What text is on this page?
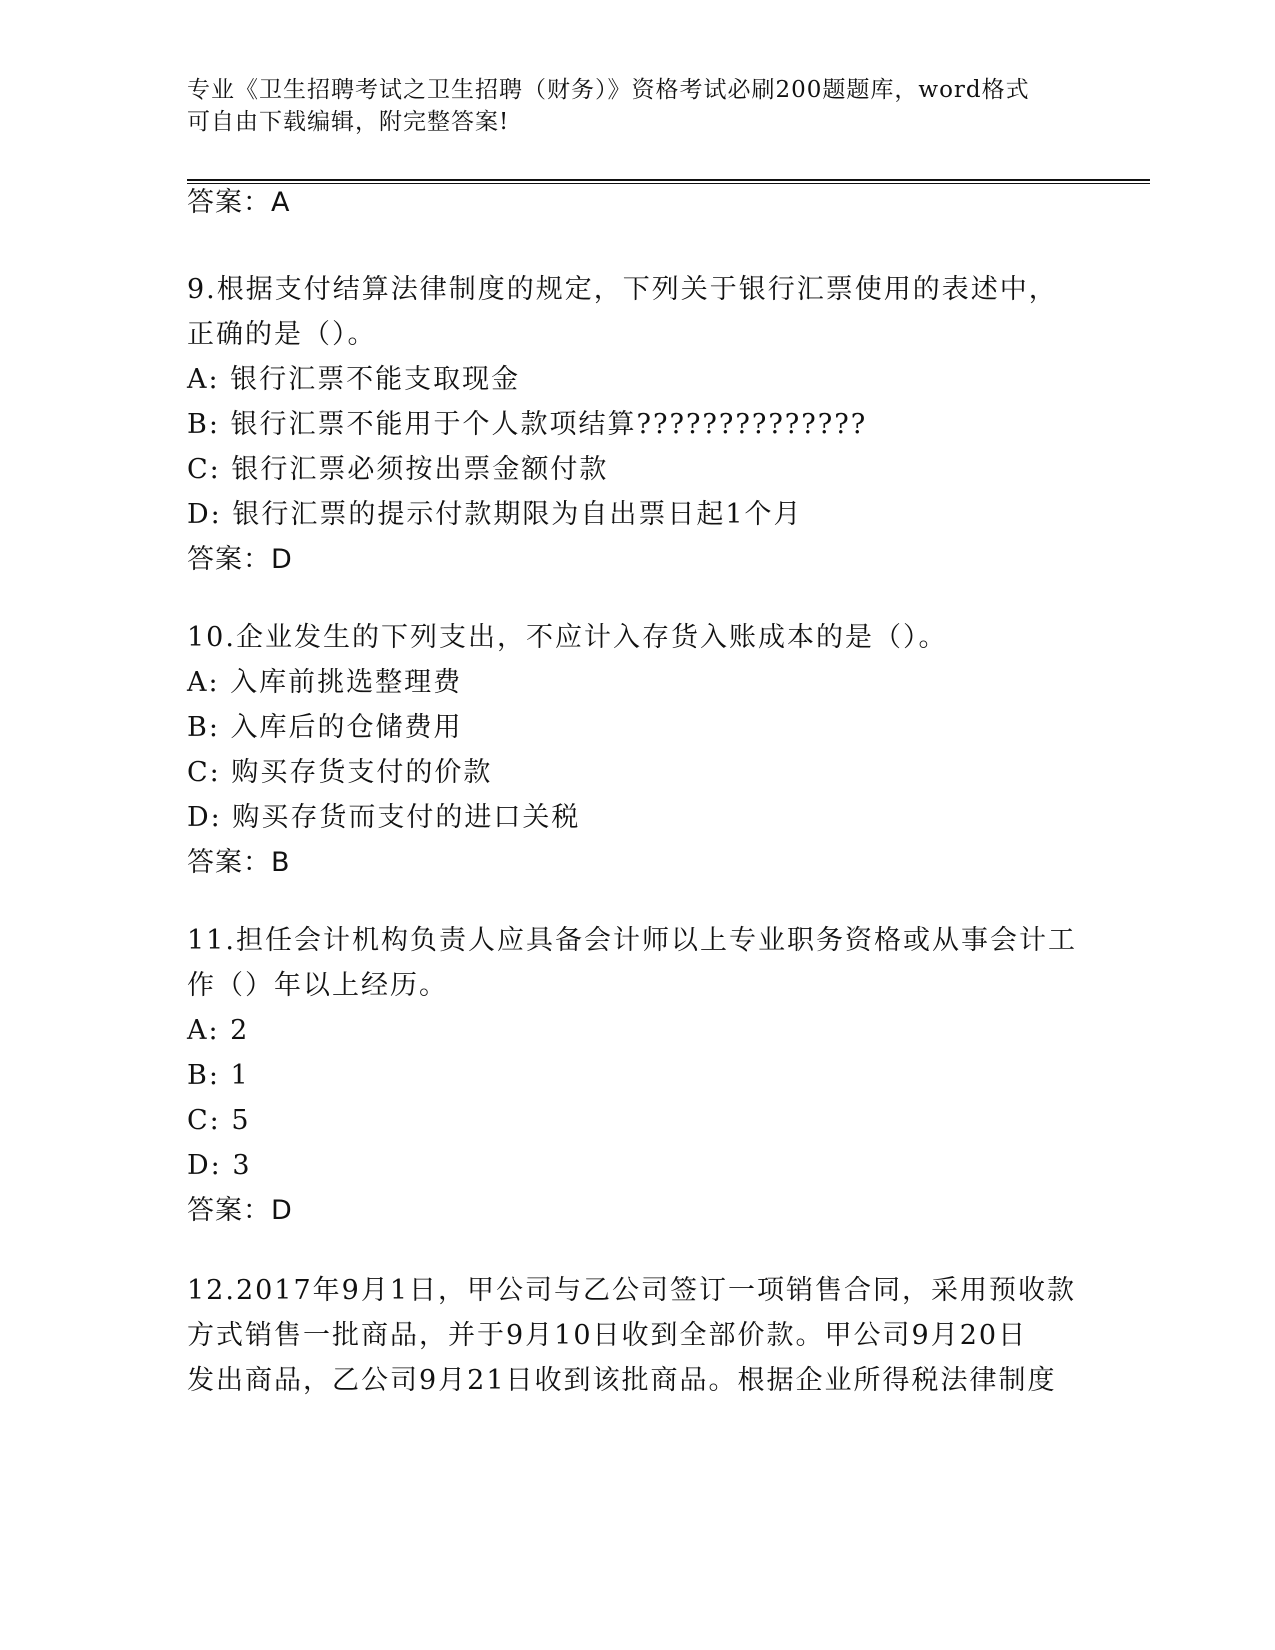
专业《卫生招聘考试之卫生招聘（财务）》资格考试必刷200题题库，word格式
可自由下载编辑，附完整答案!
答案：A
9.根据支付结算法律制度的规定，下列关于银行汇票使用的表述中，
正确的是（）。
A: 银行汇票不能支取现金
B: 银行汇票不能用于个人款项结算??????????????
C: 银行汇票必须按出票金额付款
D: 银行汇票的提示付款期限为自出票日起1个月
答案：D
10.企业发生的下列支出，不应计入存货入账成本的是（）。
A: 入库前挑选整理费
B: 入库后的仓储费用
C: 购买存货支付的价款
D: 购买存货而支付的进口关税
答案：B
11.担任会计机构负责人应具备会计师以上专业职务资格或从事会计工
作（）年以上经历。
A: 2
B: 1
C: 5
D: 3
答案：D
12.2017年9月1日，甲公司与乙公司签订一项销售合同，采用预收款
方式销售一批商品，并于9月10日收到全部价款。甲公司9月20日
发出商品，乙公司9月21日收到该批商品。根据企业所得税法律制度
